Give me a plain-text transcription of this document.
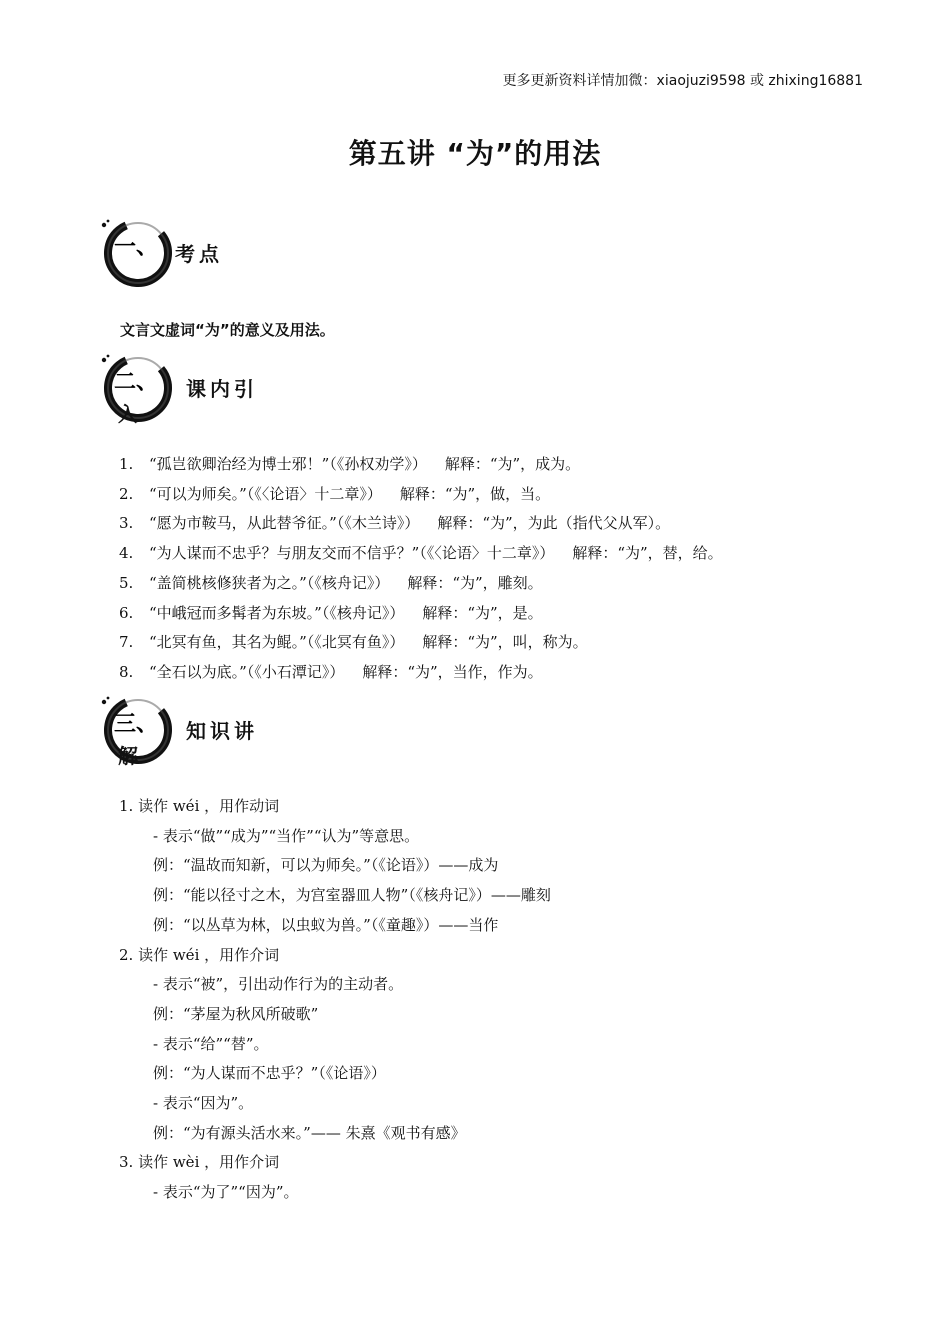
更多更新资料详情加微：xiaojuzi9598 或 zhixing16881
第五讲 “为”的用法
一、 考点
文言文虚词“为”的意义及用法。
二、	课内引
入
1. “孤岂欲卿治经为博士邪！”（《孙权劝学》） 解释：“为”，成为。
2. “可以为师矣。”（《〈论语〉十二章》） 解释：“为”，做，当。
3. “愿为市鞍马，从此替爷征。”（《木兰诗》） 解释：“为”，为此（指代父从军）。
4. “为人谋而不忠乎？与朋友交而不信乎？”（《〈论语〉十二章》） 解释：“为”，替，给。
5. “盖简桃核修狭者为之。”（《核舟记》） 解释：“为”，雕刻。
6. “中峨冠而多髯者为东坡。”（《核舟记》） 解释：“为”，是。
7. “北冥有鱼，其名为鲲。”（《北冥有鱼》） 解释：“为”，叫，称为。
8. “全石以为底。”（《小石潭记》） 解释：“为”，当作，作为。
三、	知识讲
解
1. 读作 wéi ，用作动词
- 表示“做”“成为”“当作”“认为”等意思。
例：“温故而知新，可以为师矣。”（《论语》）——成为
例：“能以径寸之木，为宫室器皿人物”（《核舟记》）——雕刻
例：“以丛草为林，以虫蚁为兽。”（《童趣》）——当作
2. 读作 wéi ，用作介词
- 表示“被”，引出动作行为的主动者。
例：“茅屋为秋风所破歌”
- 表示“给”“替”。
例：“为人谋而不忠乎？”（《论语》）
- 表示“因为”。
例：“为有源头活水来。”—— 朱熹《观书有感》
3. 读作 wèi ，用作介词
- 表示“为了”“因为”。
